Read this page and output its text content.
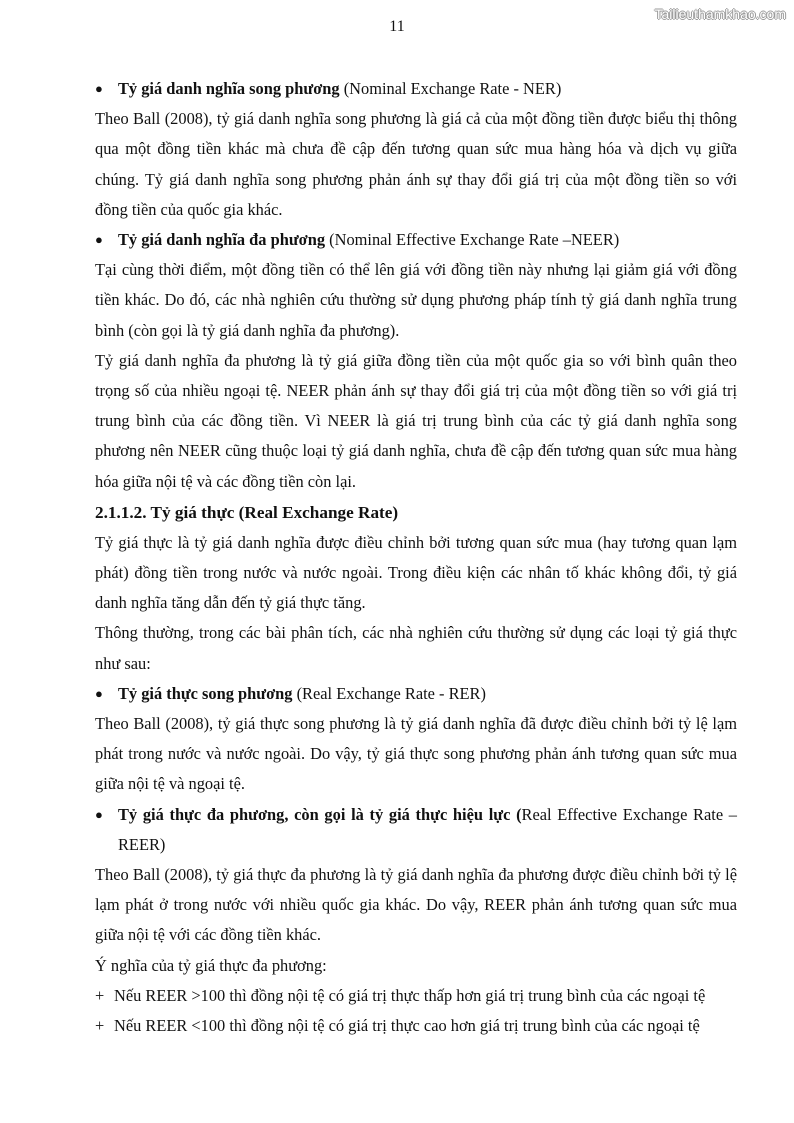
Tailieuthamkhao.com
11
● Tỷ giá danh nghĩa song phương (Nominal Exchange Rate - NER)

Theo Ball (2008), tỷ giá danh nghĩa song phương là giá cả của một đồng tiền được biểu thị thông qua một đồng tiền khác mà chưa đề cập đến tương quan sức mua hàng hóa và dịch vụ giữa chúng. Tỷ giá danh nghĩa song phương phản ánh sự thay đổi giá trị của một đồng tiền so với đồng tiền của quốc gia khác.

● Tỷ giá danh nghĩa đa phương (Nominal Effective Exchange Rate –NEER)

Tại cùng thời điểm, một đồng tiền có thể lên giá với đồng tiền này nhưng lại giảm giá với đồng tiền khác. Do đó, các nhà nghiên cứu thường sử dụng phương pháp tính tỷ giá danh nghĩa trung bình (còn gọi là tỷ giá danh nghĩa đa phương).

Tỷ giá danh nghĩa đa phương là tỷ giá giữa đồng tiền của một quốc gia so với bình quân theo trọng số của nhiều ngoại tệ. NEER phản ánh sự thay đổi giá trị của một đồng tiền so với giá trị trung bình của các đồng tiền. Vì NEER là giá trị trung bình của các tỷ giá danh nghĩa song phương nên NEER cũng thuộc loại tỷ giá danh nghĩa, chưa đề cập đến tương quan sức mua hàng hóa giữa nội tệ và các đồng tiền còn lại.

2.1.1.2. Tỷ giá thực (Real Exchange Rate)

Tỷ giá thực là tỷ giá danh nghĩa được điều chỉnh bởi tương quan sức mua (hay tương quan lạm phát) đồng tiền trong nước và nước ngoài. Trong điều kiện các nhân tố khác không đổi, tỷ giá danh nghĩa tăng dẫn đến tỷ giá thực tăng.

Thông thường, trong các bài phân tích, các nhà nghiên cứu thường sử dụng các loại tỷ giá thực như sau:

● Tỷ giá thực song phương (Real Exchange Rate - RER)

Theo Ball (2008), tỷ giá thực song phương là tỷ giá danh nghĩa đã được điều chỉnh bởi tỷ lệ lạm phát trong nước và nước ngoài. Do vậy, tỷ giá thực song phương phản ánh tương quan sức mua giữa nội tệ và ngoại tệ.

● Tỷ giá thực đa phương, còn gọi là tỷ giá thực hiệu lực (Real Effective Exchange Rate –REER)

Theo Ball (2008), tỷ giá thực đa phương là tỷ giá danh nghĩa đa phương được điều chỉnh bởi tỷ lệ lạm phát ở trong nước với nhiều quốc gia khác. Do vậy, REER phản ánh tương quan sức mua giữa nội tệ với các đồng tiền khác.

Ý nghĩa của tỷ giá thực đa phương:

+ Nếu REER >100 thì đồng nội tệ có giá trị thực thấp hơn giá trị trung bình của các ngoại tệ
+ Nếu REER <100 thì đồng nội tệ có giá trị thực cao hơn giá trị trung bình của các ngoại tệ
